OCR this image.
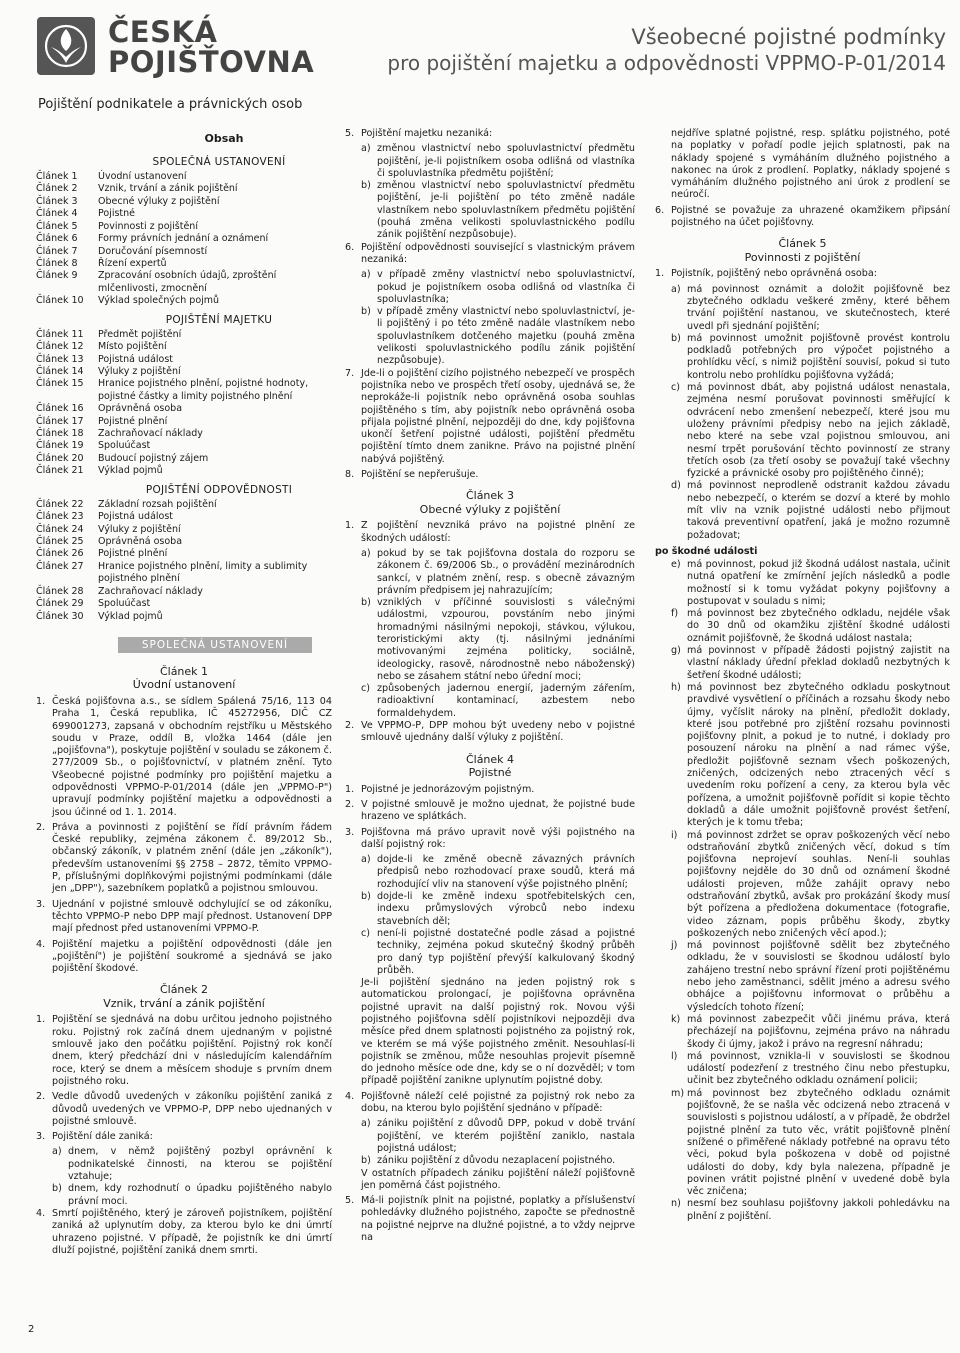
ČESKÁ
POJIŠŤOVNA
Všeobecné pojistné podmínky
pro pojištění majetku a odpovědnosti VPPMO-P-01/2014
Pojištění podnikatele a právnických osob
Obsah
SPOLEČNÁ USTANOVENÍ
Článek 1	Úvodní ustanovení
Článek 2	Vznik, trvání a zánik pojištění
Článek 3	Obecné výluky z pojištění
Článek 4	Pojistné
Článek 5	Povinnosti z pojištění
Článek 6	Formy právních jednání a oznámení
Článek 7	Doručování písemností
Článek 8	Řízení expertů
Článek 9	Zpracování osobních údajů, zproštění mlčenlivosti, zmocnění
Článek 10	Výklad společných pojmů
POJIŠTĚNÍ MAJETKU
Článek 11	Předmět pojištění
Článek 12	Místo pojištění
Článek 13	Pojistná událost
Článek 14	Výluky z pojištění
Článek 15	Hranice pojistného plnění, pojistné hodnoty, pojistné částky a limity pojistného plnění
Článek 16	Oprávněná osoba
Článek 17	Pojistné plnění
Článek 18	Zachraňovací náklady
Článek 19	Spoluúčast
Článek 20	Budoucí pojistný zájem
Článek 21	Výklad pojmů
POJIŠTĚNÍ ODPOVĚDNOSTI
Článek 22	Základní rozsah pojištění
Článek 23	Pojistná událost
Článek 24	Výluky z pojištění
Článek 25	Oprávněná osoba
Článek 26	Pojistné plnění
Článek 27	Hranice pojistného plnění, limity a sublimity pojistného plnění
Článek 28	Zachraňovací náklady
Článek 29	Spoluúčast
Článek 30	Výklad pojmů
SPOLEČNÁ USTANOVENÍ
Článek 1
Úvodní ustanovení
1. Česká pojišťovna a.s., se sídlem Spálená 75/16, 113 04 Praha 1, Česká republika, IČ 45272956, DIČ CZ 699001273, zapsaná v obchodním rejstříku u Městského soudu v Praze, oddíl B, vložka 1464 (dále jen „pojišťovna"), poskytuje pojištění v souladu se zákonem č. 277/2009 Sb., o pojišťovnictví, v platném znění. Tyto Všeobecné pojistné podmínky pro pojištění majetku a odpovědnosti VPPMO-P-01/2014 (dále jen „VPPMO-P") upravují podmínky pojištění majetku a odpovědnosti a jsou účinné od 1. 1. 2014.
2. Práva a povinnosti z pojištění se řídí právním řádem České republiky, zejména zákonem č. 89/2012 Sb., občanský zákoník, v platném znění (dále jen „zákoník"), především ustanoveními §§ 2758 – 2872, těmito VPPMO-P, příslušnými doplňkovými pojistnými podmínkami (dále jen „DPP"), sazebníkem poplatků a pojistnou smlouvou.
3. Ujednání v pojistné smlouvě odchylující se od zákoníku, těchto VPPMO-P nebo DPP mají přednost. Ustanovení DPP mají přednost před ustanoveními VPPMO-P.
4. Pojištění majetku a pojištění odpovědnosti (dále jen „pojištění") je pojištění soukromé a sjednává se jako pojištění škodové.
Článek 2
Vznik, trvání a zánik pojištění
1. Pojištění se sjednává na dobu určitou jednoho pojistného roku. Pojistný rok začíná dnem ujednaným v pojistné smlouvě jako den počátku pojištění. Pojistný rok končí dnem, který předchází dni v následujícím kalendářním roce, který se dnem a měsícem shoduje s prvním dnem pojistného roku.
2. Vedle důvodů uvedených v zákoníku pojištění zaniká z důvodů uvedených ve VPPMO-P, DPP nebo ujednaných v pojistné smlouvě.
3. Pojištění dále zaniká:
a) dnem, v němž pojištěný pozbyl oprávnění k podnikatelské činnosti, na kterou se pojištění vztahuje;
b) dnem, kdy rozhodnutí o úpadku pojištěného nabylo právní moci.
4. Smrtí pojištěného, který je zároveň pojistníkem, pojištění zaniká až uplynutím doby, za kterou bylo ke dni úmrtí uhrazeno pojistné. V případě, že pojistník ke dni úmrtí dluží pojistné, pojištění zaniká dnem smrti.
5. Pojištění majetku nezaniká:
a) změnou vlastnictví nebo spoluvlastnictví předmětu pojištění, je-li pojistníkem osoba odlišná od vlastníka či spoluvlastníka předmětu pojištění;
b) změnou vlastnictví nebo spoluvlastnictví předmětu pojištění, je-li pojištění po této změně nadále vlastníkem nebo spoluvlastníkem předmětu pojištění (pouhá změna velikosti spoluvlastnického podílu zánik pojištění nezpůsobuje).
6. Pojištění odpovědnosti související s vlastnickým právem nezaniká:
a) v případě změny vlastnictví nebo spoluvlastnictví, pokud je pojistníkem osoba odlišná od vlastníka či spoluvlastníka;
b) v případě změny vlastnictví nebo spoluvlastnictví, je-li pojištěný i po této změně nadále vlastníkem nebo spoluvlastníkem dotčeného majetku (pouhá změna velikosti spoluvlastnického podílu zánik pojištění nezpůsobuje).
7. Jde-li o pojištění cizího pojistného nebezpečí ve prospěch pojistníka nebo ve prospěch třetí osoby, ujednává se, že neprokáže-li pojistník nebo oprávněná osoba souhlas pojištěného s tím, aby pojistník nebo oprávněná osoba přijala pojistné plnění, nejpozději do dne, kdy pojišťovna ukončí šetření pojistné události, pojištění předmětu pojištění tímto dnem zanikne. Právo na pojistné plnění nabývá pojištěný.
8. Pojištění se nepřerušuje.
Článek 3
Obecné výluky z pojištění
1. Z pojištění nevzniká právo na pojistné plnění ze škodných událostí:
a) pokud by se tak pojišťovna dostala do rozporu se zákonem č. 69/2006 Sb., o provádění mezinárodních sankcí, v platném znění, resp. s obecně závazným právním předpisem jej nahrazujícím;
b) vzniklých v příčinné souvislosti s válečnými událostmi, vzpourou, povstáním nebo jinými hromadnými násilnými nepokoji, stávkou, výlukou, teroristickými akty (tj. násilnými jednáními motivovanými zejména politicky, sociálně, ideologicky, rasově, národnostně nebo náboženský) nebo se zásahem státní nebo úřední moci;
c) způsobených jadernou energií, jaderným zářením, radioaktivní kontaminací, azbestem nebo formaldehydem.
2. Ve VPPMO-P, DPP mohou být uvedeny nebo v pojistné smlouvě ujednány další výluky z pojištění.
Článek 4
Pojistné
1. Pojistné je jednorázovým pojistným.
2. V pojistné smlouvě je možno ujednat, že pojistné bude hrazeno ve splátkách.
3. Pojišťovna má právo upravit nově výši pojistného na další pojistný rok:
a) dojde-li ke změně obecně závazných právních předpisů nebo rozhodovací praxe soudů, která má rozhodující vliv na stanovení výše pojistného plnění;
b) dojde-li ke změně indexu spotřebitelských cen, indexu průmyslových výrobců nebo indexu stavebních děl;
c) není-li pojistné dostatečné podle zásad a pojistné techniky, zejména pokud skutečný škodný průběh pro daný typ pojištění převýší kalkulovaný škodný průběh.
Je-li pojištění sjednáno na jeden pojistný rok s automatickou prolongací, je pojišťovna oprávněna pojistné upravit na další pojistný rok. Novou výši pojistného pojišťovna sdělí pojistníkovi nejpozději dva měsíce před dnem splatnosti pojistného za pojistný rok, ve kterém se má výše pojistného změnit. Nesouhlasí-li pojistník se změnou, může nesouhlas projevit písemně do jednoho měsíce ode dne, kdy se o ní dozvěděl; v tom případě pojištění zanikne uplynutím pojistné doby.
4. Pojišťovně náleží celé pojistné za pojistný rok nebo za dobu, na kterou bylo pojištění sjednáno v případě:
a) zániku pojištění z důvodů DPP, pokud v době trvání pojištění, ve kterém pojištění zaniklo, nastala pojistná událost;
b) zániku pojištění z důvodu nezaplacení pojistného.
V ostatních případech zániku pojištění náleží pojišťovně jen poměrná část pojistného.
5. Má-li pojistník plnit na pojistné, poplatky a příslušenství pohledávky dlužného pojistného, započte se přednostně na pojistné nejprve na dlužné pojistné, a to vždy nejprve na
nejdříve splatné pojistné, resp. splátku pojistného, poté na poplatky v pořadí podle jejich splatnosti, pak na náklady spojené s vymáháním dlužného pojistného a nakonec na úrok z prodlení. Poplatky, náklady spojené s vymáháním dlužného pojistného ani úrok z prodlení se neúročí.
6. Pojistné se považuje za uhrazené okamžikem připsání pojistného na účet pojišťovny.
Článek 5
Povinnosti z pojištění
1. Pojistník, pojištěný nebo oprávněná osoba:
a) má povinnost oznámit a doložit pojišťovně bez zbytečného odkladu veškeré změny, které během trvání pojištění nastanou, ve skutečnostech, které uvedl při sjednání pojištění;
b) má povinnost umožnit pojišťovně provést kontrolu podkladů potřebných pro výpočet pojistného a prohlídku věcí, s nimiž pojištění souvisí, pokud si tuto kontrolu nebo prohlídku pojišťovna vyžádá;
c) má povinnost dbát, aby pojistná událost nenastala, zejména nesmí porušovat povinnosti směřující k odvrácení nebo zmenšení nebezpečí, které jsou mu uloženy právními předpisy nebo na jejich základě, nebo které na sebe vzal pojistnou smlouvou, ani nesmí trpět porušování těchto povinností ze strany třetích osob (za třetí osoby se považují také všechny fyzické a právnické osoby pro pojištěného činné);
d) má povinnost neprodleně odstranit každou závadu nebo nebezpečí, o kterém se dozví a které by mohlo mít vliv na vznik pojistné události nebo přijmout taková preventivní opatření, jaká je možno rozumně požadovat;
po škodné události
e) má povinnost, pokud již škodná událost nastala, učinit nutná opatření ke zmírnění jejích následků a podle možností si k tomu vyžádat pokyny pojišťovny a postupovat v souladu s nimi;
f) má povinnost bez zbytečného odkladu, nejdéle však do 30 dnů od okamžiku zjištění škodné události oznámit pojišťovně, že škodná událost nastala;
g) má povinnost v případě žádosti pojistný zajistit na vlastní náklady úřední překlad dokladů nezbytných k šetření škodné události;
h) má povinnost bez zbytečného odkladu poskytnout pravdivé vysvětlení o příčinách a rozsahu škody nebo újmy, vyčíslit nároky na plnění, předložit doklady, které jsou potřebné pro zjištění rozsahu povinnosti pojišťovny plnit, a pokud je to nutné, i doklady pro posouzení nároku na plnění a nad rámec výše, předložit pojišťovně seznam všech poškozených, zničených, odcizených nebo ztracených věcí s uvedením roku pořízení a ceny, za kterou byla věc pořízena, a umožnit pojišťovně pořídit si kopie těchto dokladů a dále umožnit pojišťovně provést šetření, kterých je k tomu třeba;
i) má povinnost zdržet se oprav poškozených věcí nebo odstraňování zbytků zničených věcí, dokud s tím pojišťovna neprojeví souhlas. Není-li souhlas pojišťovny nejděle do 30 dnů od oznámení škodné události projeven, může zahájit opravy nebo odstraňování zbytků, avšak pro prokázání škody musí být pořízena a předložena dokumentace (fotografie, video záznam, popis průběhu škody, zbytky poškozených nebo zničených věcí apod.);
j) má povinnost pojišťovně sdělit bez zbytečného odkladu, že v souvislosti se škodnou událostí bylo zahájeno trestní nebo správní řízení proti pojištěnému nebo jeho zaměstnanci, sdělit jméno a adresu svého obhájce a pojišťovnu informovat o průběhu a výsledcích tohoto řízení;
k) má povinnost zabezpečit vůči jinému práva, která přecházejí na pojišťovnu, zejména právo na náhradu škody či újmy, jakož i právo na regresní náhradu;
l) má povinnost, vznikla-li v souvislosti se škodnou událostí podezření z trestného činu nebo přestupku, učinit bez zbytečného odkladu oznámení policii;
m) má povinnost bez zbytečného odkladu oznámit pojišťovně, že se našla věc odcizená nebo ztracená v souvislosti s pojistnou událostí, a v případě, že obdržel pojistné plnění za tuto věc, vrátit pojišťovně plnění snížené o přiměřené náklady potřebné na opravu této věci, pokud byla poškozena v době od pojistné události do doby, kdy byla nalezena, případně je povinen vrátit pojistné plnění v uvedené době byla věc zničena;
n) nesmí bez souhlasu pojišťovny jakkoli pohledávku na plnění z pojištění.
2
